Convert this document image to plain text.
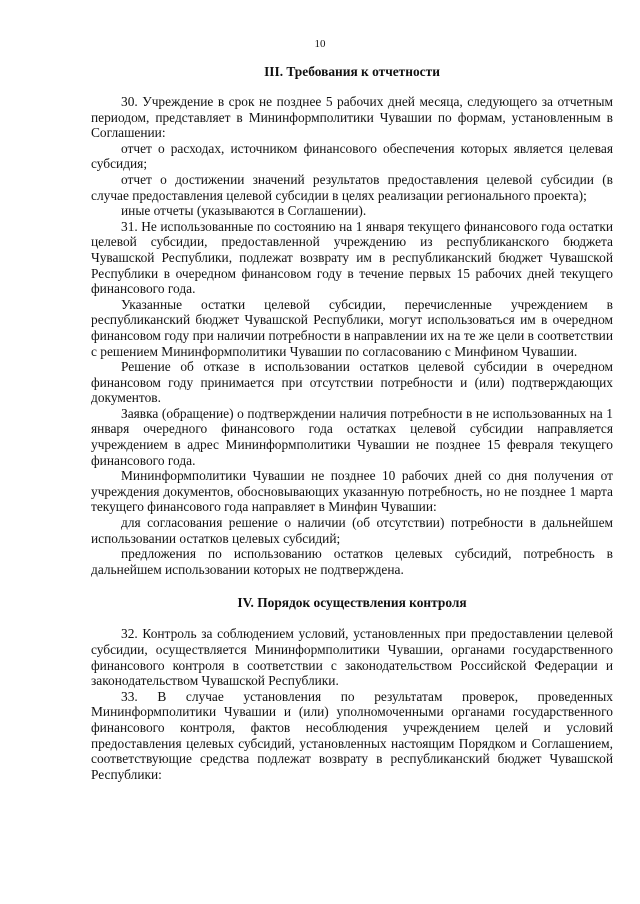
10
III. Требования к отчетности

30. Учреждение в срок не позднее 5 рабочих дней месяца, следующего за отчетным периодом, представляет в Мининформполитики Чувашии по формам, установленным в Соглашении:

отчет о расходах, источником финансового обеспечения которых является целевая субсидия;

отчет о достижении значений результатов предоставления целевой субсидии (в случае предоставления целевой субсидии в целях реализации регионального проекта);

иные отчеты (указываются в Соглашении).

31. Не использованные по состоянию на 1 января текущего финансового года остатки целевой субсидии, предоставленной учреждению из республиканского бюджета Чувашской Республики, подлежат возврату им в республиканский бюджет Чувашской Республики в очередном финансовом году в течение первых 15 рабочих дней текущего финансового года.

Указанные остатки целевой субсидии, перечисленные учреждением в республиканский бюджет Чувашской Республики, могут использоваться им в очередном финансовом году при наличии потребности в направлении их на те же цели в соответствии с решением Мининформполитики Чувашии по согласованию с Минфином Чувашии.

Решение об отказе в использовании остатков целевой субсидии в очередном финансовом году принимается при отсутствии потребности и (или) подтверждающих документов.

Заявка (обращение) о подтверждении наличия потребности в не использованных на 1 января очередного финансового года остатках целевой субсидии направляется учреждением в адрес Мининформполитики Чувашии не позднее 15 февраля текущего финансового года.

Мининформполитики Чувашии не позднее 10 рабочих дней со дня получения от учреждения документов, обосновывающих указанную потребность, но не позднее 1 марта текущего финансового года направляет в Минфин Чувашии:

для согласования решение о наличии (об отсутствии) потребности в дальнейшем использовании остатков целевых субсидий;

предложения по использованию остатков целевых субсидий, потребность в дальнейшем использовании которых не подтверждена.

IV. Порядок осуществления контроля

32. Контроль за соблюдением условий, установленных при предоставлении целевой субсидии, осуществляется Мининформполитики Чувашии, органами государственного финансового контроля в соответствии с законодательством Российской Федерации и законодательством Чувашской Республики.

33. В случае установления по результатам проверок, проведенных Мининформполитики Чувашии и (или) уполномоченными органами государственного финансового контроля, фактов несоблюдения учреждением целей и условий предоставления целевых субсидий, установленных настоящим Порядком и Соглашением, соответствующие средства подлежат возврату в республиканский бюджет Чувашской Республики:
